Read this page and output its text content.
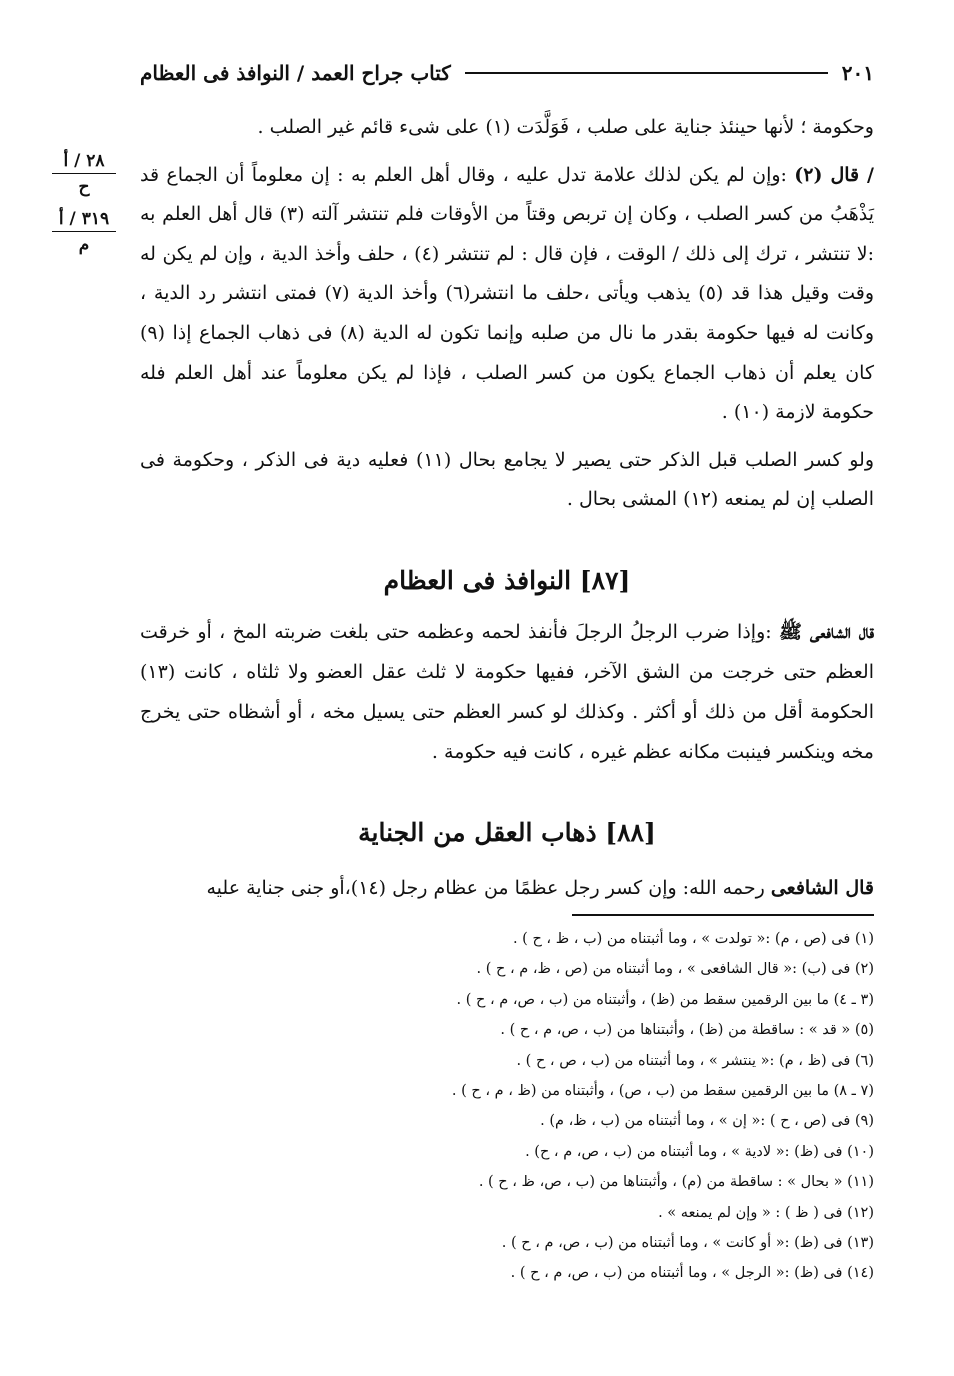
كتاب جراح العمد / النوافذ فى العظام	٢٠١
٢٨ / أ
ح
٣١٩ / أ
م

وحكومة ؛ لأنها حينئذ جناية على صلب ، فَوَلَّدَت (١) على شىء قائم غير الصلب .

/ قال (٢) :وإن لم يكن لذلك علامة تدل عليه ، وقال أهل العلم به : إن معلوماً أن الجماع قد يَذْهَبُ من كسر الصلب ، وكان إن تربص وقتاً من الأوقات فلم تنتشر آلته (٣) قال أهل العلم به :لا تنتشر ، ترك إلى ذلك / الوقت ، فإن قال : لم تنتشر (٤) ، حلف وأخذ الدية ، وإن لم يكن له وقت وقيل هذا قد (٥) يذهب ويأتى ،حلف ما انتشر(٦) وأخذ الدية (٧) فمتى انتشر رد الدية ، وكانت له فيها حكومة بقدر ما نال من صلبه وإنما تكون له الدية (٨) فى ذهاب الجماع إذا (٩) كان يعلم أن ذهاب الجماع يكون من كسر الصلب ، فإذا لم يكن معلوماً عند أهل العلم فله حكومة لازمة (١٠) .

ولو كسر الصلب قبل الذكر حتى يصير لا يجامع بحال (١١) فعليه دية فى الذكر ، وحكومة فى الصلب إن لم يمنعه (١٢) المشى بحال .

[٨٧] النوافذ فى العظام

قال الشافعى ﷺ :وإذا ضرب الرجلُ الرجلَ فأنفذ لحمه وعظمه حتى بلغت ضربته المخ ، أو خرقت العظم حتى خرجت من الشق الآخر، ففيها حكومة لا ثلث عقل العضو ولا ثلثاه ، كانت (١٣) الحكومة أقل من ذلك أو أكثر . وكذلك لو كسر العظم حتى يسيل مخه ، أو أشظاه حتى يخرج مخه وينكسر فينبت مكانه عظم غيره ، كانت فيه حكومة .

[٨٨] ذهاب العقل من الجناية

قال الشافعى رحمه الله: وإن كسر رجل عظمًا من عظام رجل (١٤)،أو جنى جناية عليه

(١) فى (ص ، م) :« تولدت » ، وما أثبتناه من (ب ، ظ ، ح ) .
(٢) فى (ب) :« قال الشافعى » ، وما أثبتناه من (ص ، ظ، م ، ح ) .
(٣ ـ ٤) ما بين الرقمين سقط من (ظ) ، وأثبتناه من (ب ، ص، م ، ح ) .
(٥) « قد » : ساقطة من (ظ) ، وأثبتناها من (ب ، ص، م ، ح ) .
(٦) فى (ظ ، م) :« ينتشر » ، وما أثبتناه من (ب ، ص ، ح ) .
(٧ ـ ٨) ما بين الرقمين سقط من (ب ، ص) ، وأثبتناه من (ظ ، م ، ح ) .
(٩) فى (ص ، ح ) :« إن » ، وما أثبتناه من (ب ، ظ، م) .
(١٠) فى (ظ) :« لادية » ، وما أثبتناه من (ب ، ص، م ، ح) .
(١١) « بحال » : ساقطة من (م) ، وأثبتناها من (ب ، ص، ظ ، ح ) .
(١٢) فى ( ظ ) : « وإن لم يمنعه » .
(١٣) فى (ظ) :« أو كانت » ، وما أثبتناه من (ب ، ص، م ، ح ) .
(١٤) فى (ظ) :« الرجل » ، وما أثبتناه من (ب ، ص، م ، ح ) .
